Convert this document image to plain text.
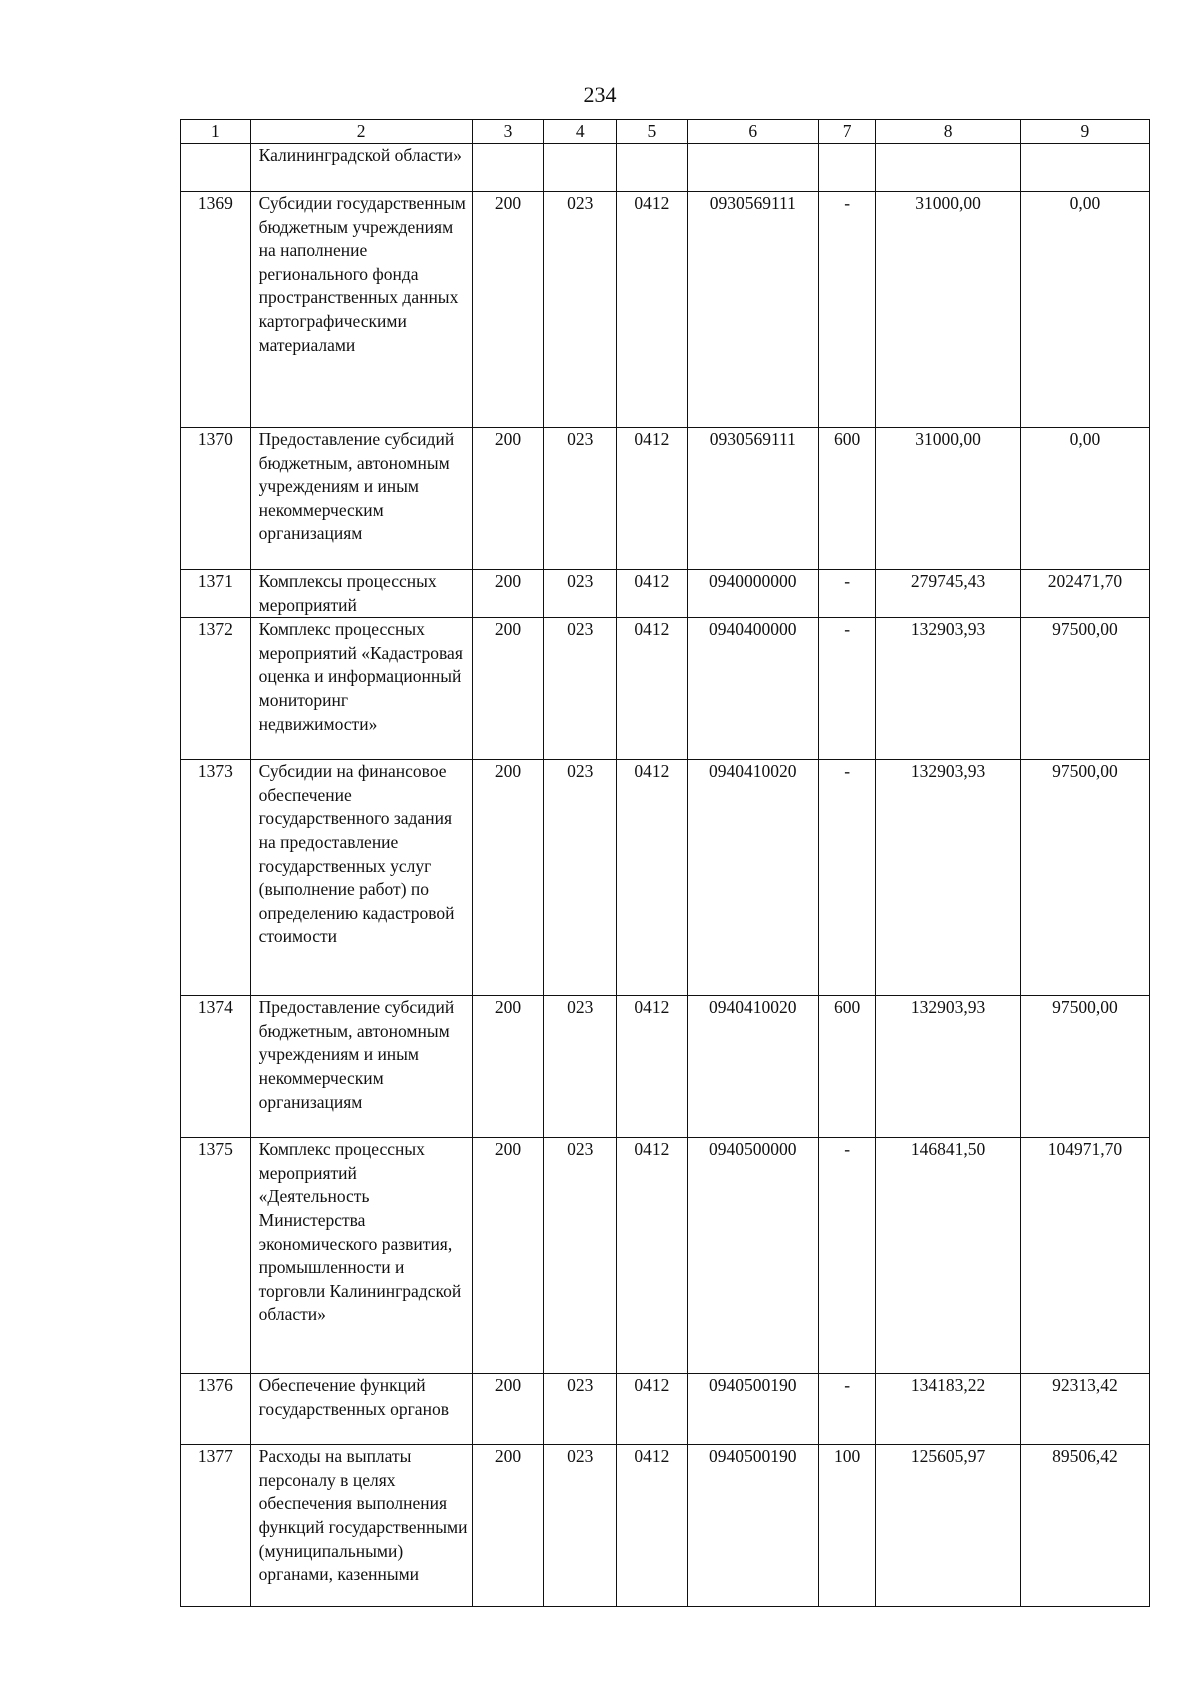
234
1	2	3	4	5	6	7	8	9
	Калининградской области»							
1369	Субсидии государственным бюджетным учреждениям на наполнение регионального фонда пространственных данных картографическими материалами	200	023	0412	0930569111	-	31000,00	0,00
1370	Предоставление субсидий бюджетным, автономным учреждениям и иным некоммерческим организациям	200	023	0412	0930569111	600	31000,00	0,00
1371	Комплексы процессных мероприятий	200	023	0412	0940000000	-	279745,43	202471,70
1372	Комплекс процессных мероприятий «Кадастровая оценка и информационный мониторинг недвижимости»	200	023	0412	0940400000	-	132903,93	97500,00
1373	Субсидии на финансовое обеспечение государственного задания на предоставление государственных услуг (выполнение работ) по определению кадастровой стоимости	200	023	0412	0940410020	-	132903,93	97500,00
1374	Предоставление субсидий бюджетным, автономным учреждениям и иным некоммерческим организациям	200	023	0412	0940410020	600	132903,93	97500,00
1375	Комплекс процессных мероприятий «Деятельность Министерства экономического развития, промышленности и торговли Калининградской области»	200	023	0412	0940500000	-	146841,50	104971,70
1376	Обеспечение функций государственных органов	200	023	0412	0940500190	-	134183,22	92313,42
1377	Расходы на выплаты персоналу в целях обеспечения выполнения функций государственными (муниципальными) органами, казенными	200	023	0412	0940500190	100	125605,97	89506,42
